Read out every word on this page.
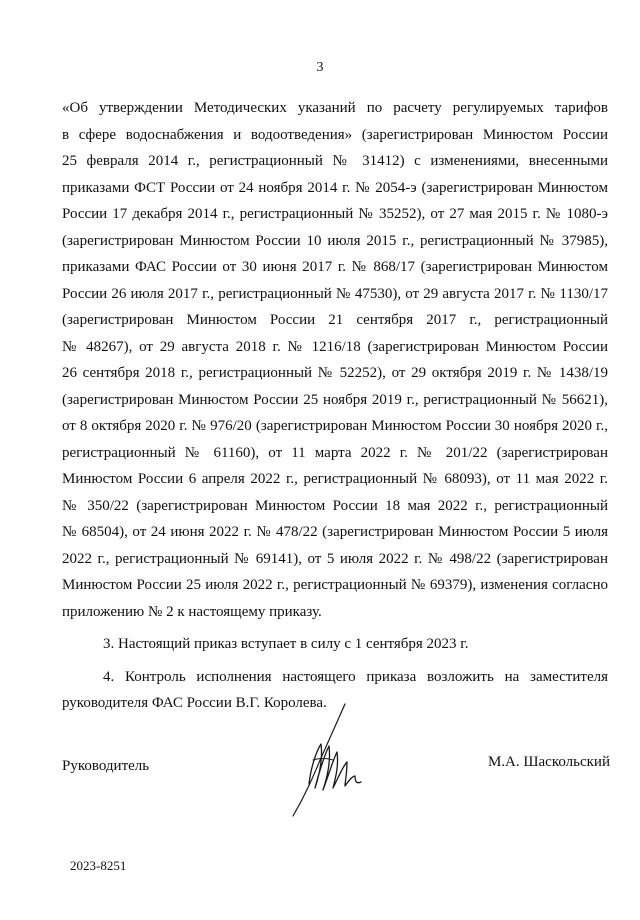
3
«Об утверждении Методических указаний по расчету регулируемых тарифов
в сфере водоснабжения и водоотведения» (зарегистрирован Минюстом России
25 февраля 2014 г., регистрационный № 31412) с изменениями, внесенными
приказами ФСТ России от 24 ноября 2014 г. № 2054-э (зарегистрирован Минюстом
России 17 декабря 2014 г., регистрационный № 35252), от 27 мая 2015 г. № 1080-э
(зарегистрирован Минюстом России 10 июля 2015 г., регистрационный № 37985),
приказами ФАС России от 30 июня 2017 г. № 868/17 (зарегистрирован Минюстом
России 26 июля 2017 г., регистрационный № 47530), от 29 августа 2017 г. № 1130/17
(зарегистрирован Минюстом России 21 сентября 2017 г., регистрационный
№ 48267), от 29 августа 2018 г. № 1216/18 (зарегистрирован Минюстом России
26 сентября 2018 г., регистрационный № 52252), от 29 октября 2019 г. № 1438/19
(зарегистрирован Минюстом России 25 ноября 2019 г., регистрационный № 56621),
от 8 октября 2020 г. № 976/20 (зарегистрирован Минюстом России 30 ноября 2020 г.,
регистрационный № 61160), от 11 марта 2022 г. № 201/22 (зарегистрирован
Минюстом России 6 апреля 2022 г., регистрационный № 68093), от 11 мая 2022 г.
№ 350/22 (зарегистрирован Минюстом России 18 мая 2022 г., регистрационный
№ 68504), от 24 июня 2022 г. № 478/22 (зарегистрирован Минюстом России 5 июля
2022 г., регистрационный № 69141), от 5 июля 2022 г. № 498/22 (зарегистрирован
Минюстом России 25 июля 2022 г., регистрационный № 69379), изменения согласно
приложению № 2 к настоящему приказу.
3. Настоящий приказ вступает в силу с 1 сентября 2023 г.
4. Контроль исполнения настоящего приказа возложить на заместителя
руководителя ФАС России В.Г. Королева.
Руководитель	М.А. Шаскольский
2023-8251
